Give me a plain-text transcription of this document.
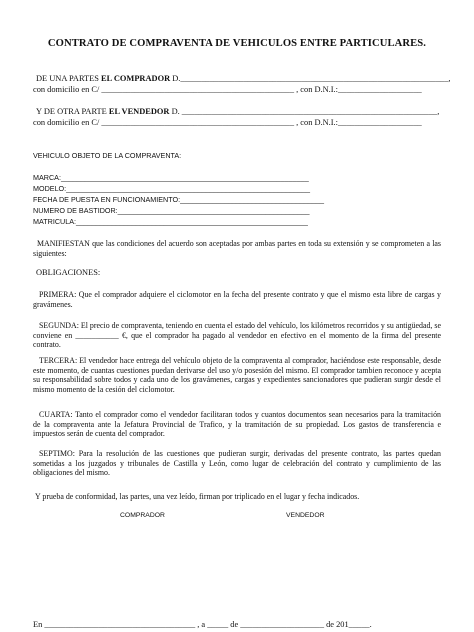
CONTRATO DE COMPRAVENTA DE VEHICULOS ENTRE PARTICULARES.
DE UNA PARTES EL COMPRADOR D.________________________________________________________________,
con domicilio en C/ ______________________________________________ , con D.N.I.:____________________
Y DE OTRA PARTE EL VENDEDOR D. _____________________________________________________________,
con domicilio en C/ ______________________________________________ , con D.N.I.:____________________
VEHICULO OBJETO DE LA COMPRAVENTA:
MARCA:______________________________________________________________
MODELO:_____________________________________________________________
FECHA DE PUESTA EN FUNCIONAMIENTO:____________________________________
NUMERO DE BASTIDOR:________________________________________________
MATRICULA:__________________________________________________________
MANIFIESTAN que las condiciones del acuerdo son aceptadas por ambas partes en toda su extensión y se comprometen a las siguientes:
OBLIGACIONES:
PRIMERA: Que el comprador adquiere el ciclomotor en la fecha del presente contrato y que el mismo esta libre de cargas y gravámenes.
SEGUNDA: El precio de compraventa, teniendo en cuenta el estado del vehículo, los kilómetros recorridos y su antigüedad, se conviene en ___________ €, que el comprador ha pagado al vendedor en efectivo en el momento de la firma del presente contrato.
TERCERA: El vendedor hace entrega del vehículo objeto de la compraventa al comprador, haciéndose este responsable, desde este momento, de cuantas cuestiones puedan derivarse del uso y/o posesión del mismo. El comprador tambien reconoce y acepta su responsabilidad sobre todos y cada uno de los gravámenes, cargas y expedientes sancionadores que pudieran surgir desde el mismo momento de la cesión del ciclomotor.
CUARTA: Tanto el comprador como el vendedor facilitaran todos y cuantos documentos sean necesarios para la tramitación de la compraventa ante la Jefatura Provincial de Trafico, y la tramitación de su propiedad. Los gastos de transferencia e impuestos serán de cuenta del comprador.
SEPTIMO: Para la resolución de las cuestiones que pudieran surgir, derivadas del presente contrato, las partes quedan sometidas a los juzgados y tribunales de Castilla y León, como lugar de celebración del contrato y cumplimiento de las obligaciones del mismo.
Y prueba de conformidad, las partes, una vez leído, firman por triplicado en el lugar y fecha indicados.
COMPRADOR	VENDEDOR
En ____________________________________ , a _____ de ____________________ de 201_____.
